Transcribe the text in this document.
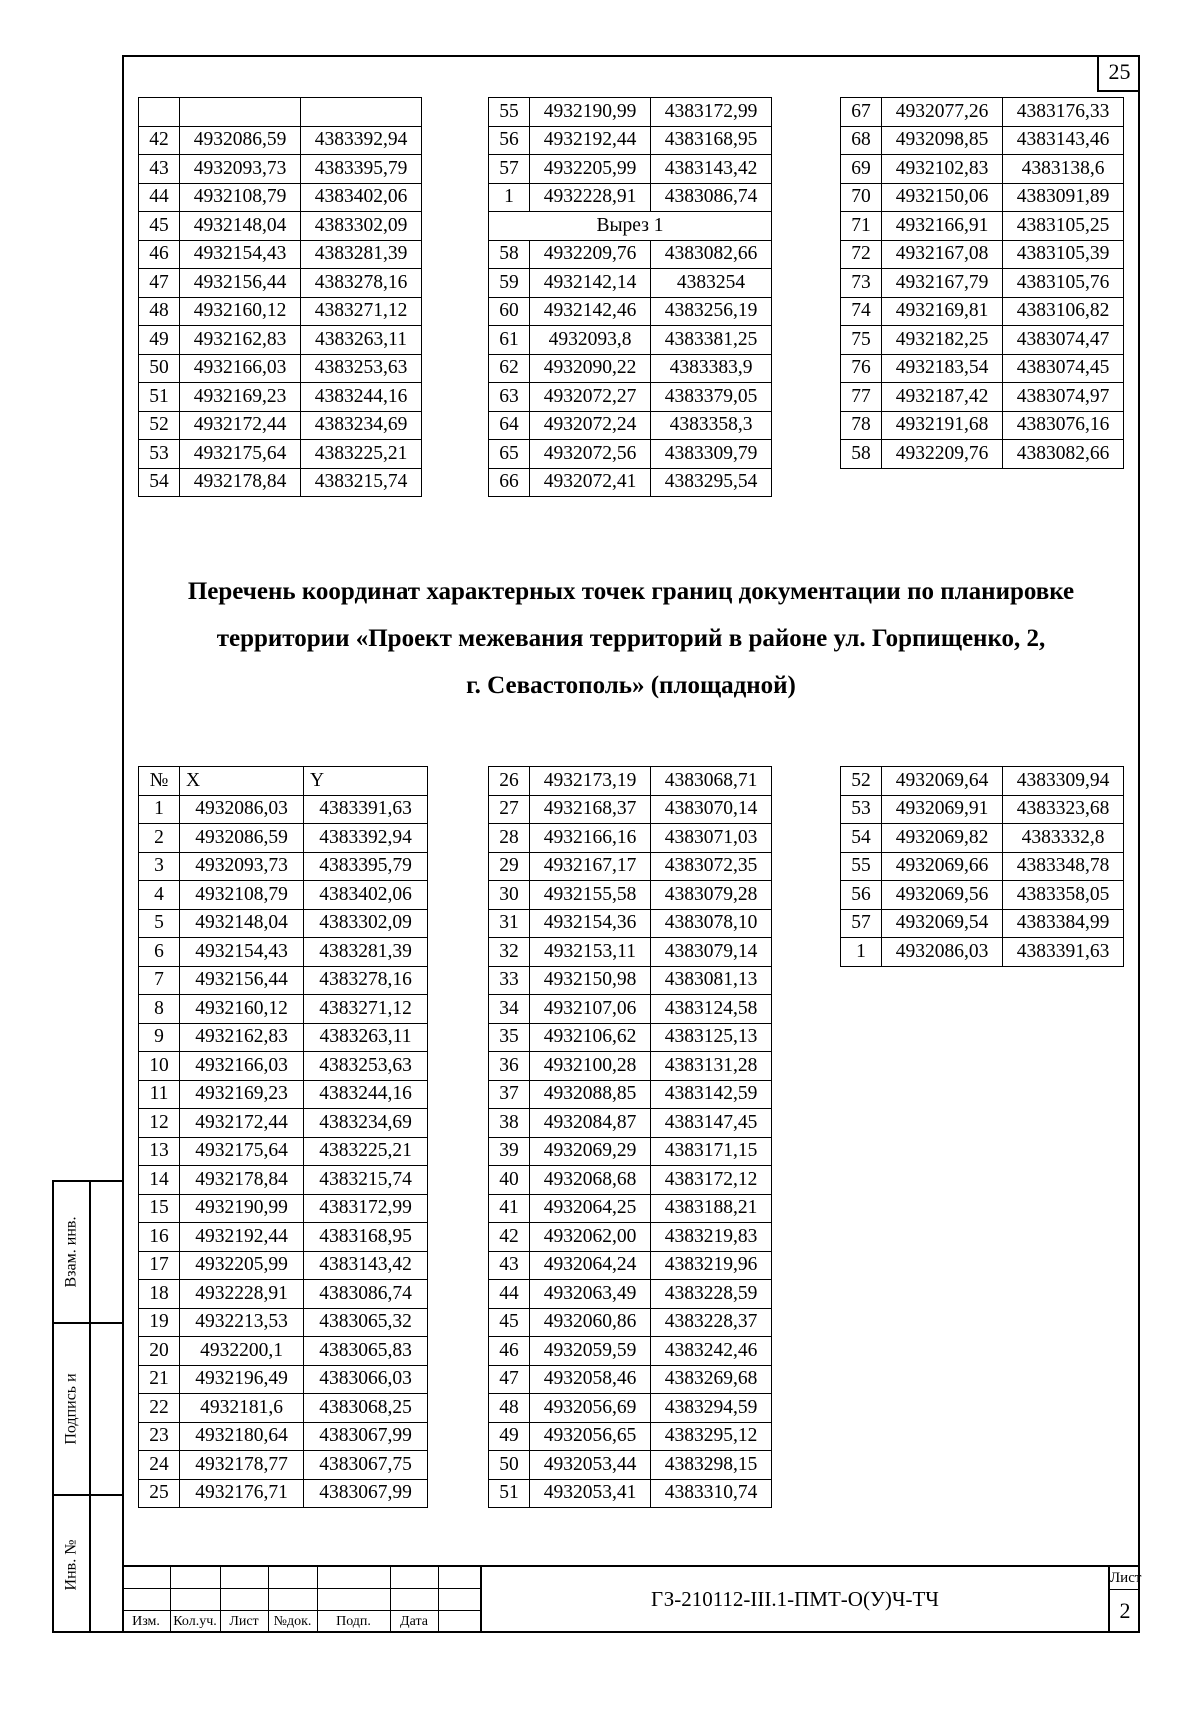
25

42	4932086,59	4383392,94
43	4932093,73	4383395,79
44	4932108,79	4383402,06
45	4932148,04	4383302,09
46	4932154,43	4383281,39
47	4932156,44	4383278,16
48	4932160,12	4383271,12
49	4932162,83	4383263,11
50	4932166,03	4383253,63
51	4932169,23	4383244,16
52	4932172,44	4383234,69
53	4932175,64	4383225,21
54	4932178,84	4383215,74
55	4932190,99	4383172,99
56	4932192,44	4383168,95
57	4932205,99	4383143,42
1	4932228,91	4383086,74
Вырез 1		
58	4932209,76	4383082,66
59	4932142,14	4383254
60	4932142,46	4383256,19
61	4932093,8	4383381,25
62	4932090,22	4383383,9
63	4932072,27	4383379,05
64	4932072,24	4383358,3
65	4932072,56	4383309,79
66	4932072,41	4383295,54
67	4932077,26	4383176,33
68	4932098,85	4383143,46
69	4932102,83	4383138,6
70	4932150,06	4383091,89
71	4932166,91	4383105,25
72	4932167,08	4383105,39
73	4932167,79	4383105,76
74	4932169,81	4383106,82
75	4932182,25	4383074,47
76	4932183,54	4383074,45
77	4932187,42	4383074,97
78	4932191,68	4383076,16
58	4932209,76	4383082,66
Перечень координат характерных точек границ документации по планировке
территории «Проект межевания территорий в районе ул. Горпищенко, 2,
г. Севастополь» (площадной)
№	X	Y
1	4932086,03	4383391,63
2	4932086,59	4383392,94
3	4932093,73	4383395,79
4	4932108,79	4383402,06
5	4932148,04	4383302,09
6	4932154,43	4383281,39
7	4932156,44	4383278,16
8	4932160,12	4383271,12
9	4932162,83	4383263,11
10	4932166,03	4383253,63
11	4932169,23	4383244,16
12	4932172,44	4383234,69
13	4932175,64	4383225,21
14	4932178,84	4383215,74
15	4932190,99	4383172,99
16	4932192,44	4383168,95
17	4932205,99	4383143,42
18	4932228,91	4383086,74
19	4932213,53	4383065,32
20	4932200,1	4383065,83
21	4932196,49	4383066,03
22	4932181,6	4383068,25
23	4932180,64	4383067,99
24	4932178,77	4383067,75
25	4932176,71	4383067,99
26	4932173,19	4383068,71
27	4932168,37	4383070,14
28	4932166,16	4383071,03
29	4932167,17	4383072,35
30	4932155,58	4383079,28
31	4932154,36	4383078,10
32	4932153,11	4383079,14
33	4932150,98	4383081,13
34	4932107,06	4383124,58
35	4932106,62	4383125,13
36	4932100,28	4383131,28
37	4932088,85	4383142,59
38	4932084,87	4383147,45
39	4932069,29	4383171,15
40	4932068,68	4383172,12
41	4932064,25	4383188,21
42	4932062,00	4383219,83
43	4932064,24	4383219,96
44	4932063,49	4383228,59
45	4932060,86	4383228,37
46	4932059,59	4383242,46
47	4932058,46	4383269,68
48	4932056,69	4383294,59
49	4932056,65	4383295,12
50	4932053,44	4383298,15
51	4932053,41	4383310,74
52	4932069,64	4383309,94
53	4932069,91	4383323,68
54	4932069,82	4383332,8
55	4932069,66	4383348,78
56	4932069,56	4383358,05
57	4932069,54	4383384,99
1	4932086,03	4383391,63
Взам. инв.
Подпись и
Инв. №
Изм. Кол.уч. Лист	№док.	Подп.	Дата
ГЗ-210112-III.1-ПМТ-О(У)Ч-ТЧ
Лист
2
